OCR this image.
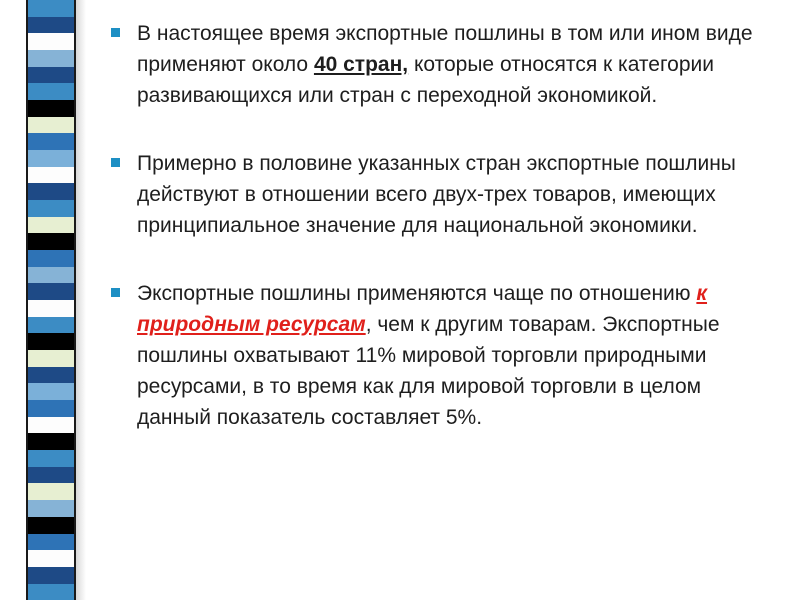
В настоящее время экспортные пошлины в том или ином виде применяют около 40 стран, которые относятся к категории развивающихся или стран с переходной экономикой.
Примерно в половине указанных стран экспортные пошлины действуют в отношении всего двух-трех товаров, имеющих принципиальное значение для национальной экономики.
Экспортные пошлины применяются чаще по отношению к природным ресурсам, чем к другим товарам. Экспортные пошлины охватывают 11% мировой торговли природными ресурсами, в то время как для мировой торговли в целом данный показатель составляет 5%.
